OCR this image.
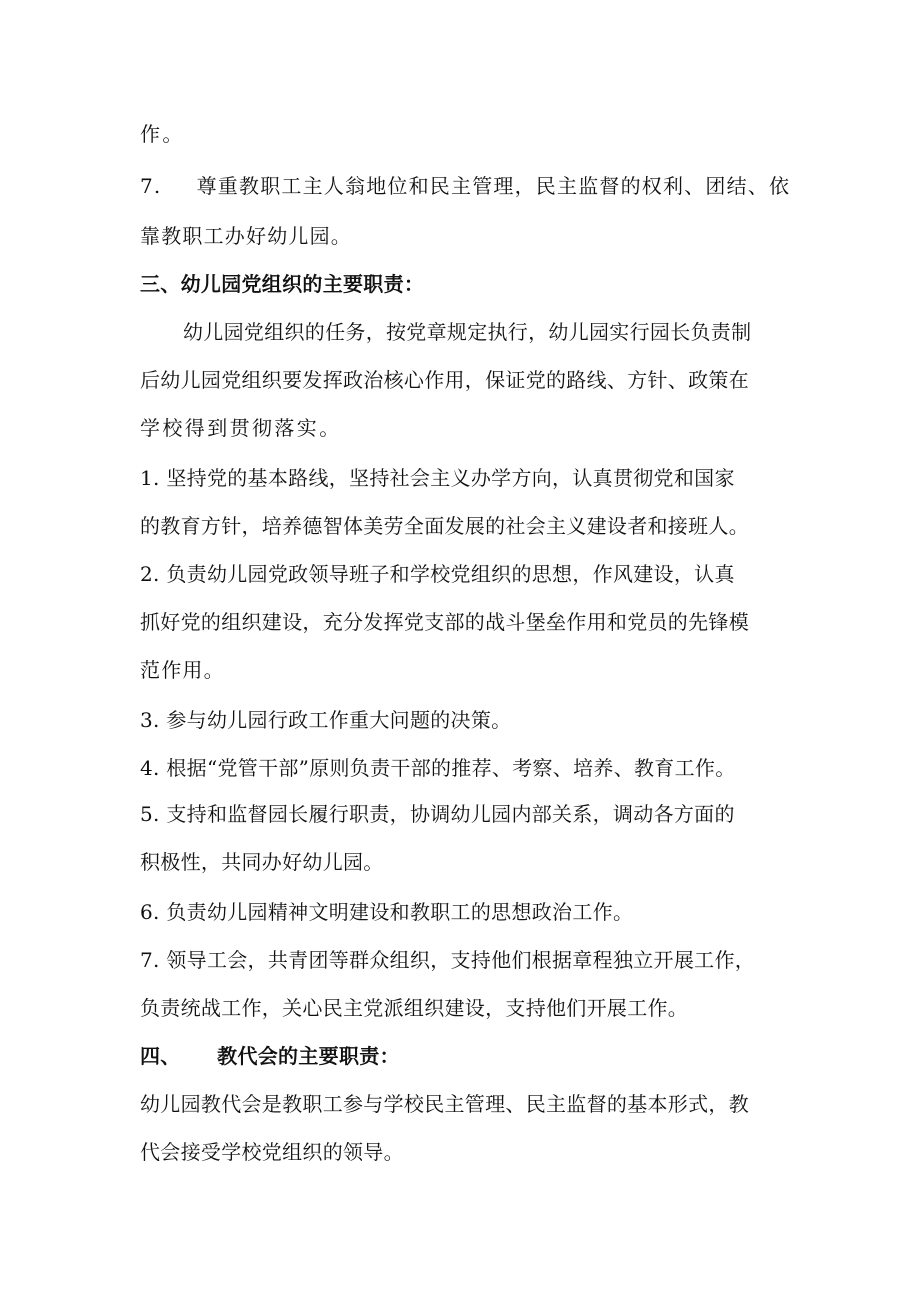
作。
7. 尊重教职工主人翁地位和民主管理，民主监督的权利、团结、依
靠教职工办好幼儿园。
三、幼儿园党组织的主要职责：
幼儿园党组织的任务，按党章规定执行，幼儿园实行园长负责制
后幼儿园党组织要发挥政治核心作用，保证党的路线、方针、政策在
学校得到贯彻落实。
1. 坚持党的基本路线，坚持社会主义办学方向，认真贯彻党和国家
的教育方针，培养德智体美劳全面发展的社会主义建设者和接班人。
2. 负责幼儿园党政领导班子和学校党组织的思想，作风建设，认真
抓好党的组织建设，充分发挥党支部的战斗堡垒作用和党员的先锋模
范作用。
3. 参与幼儿园行政工作重大问题的决策。
4. 根据“党管干部”原则负责干部的推荐、考察、培养、教育工作。
5. 支持和监督园长履行职责，协调幼儿园内部关系，调动各方面的
积极性，共同办好幼儿园。
6. 负责幼儿园精神文明建设和教职工的思想政治工作。
7. 领导工会，共青团等群众组织，支持他们根据章程独立开展工作，
负责统战工作，关心民主党派组织建设，支持他们开展工作。
四、 教代会的主要职责：
幼儿园教代会是教职工参与学校民主管理、民主监督的基本形式，教
代会接受学校党组织的领导。
